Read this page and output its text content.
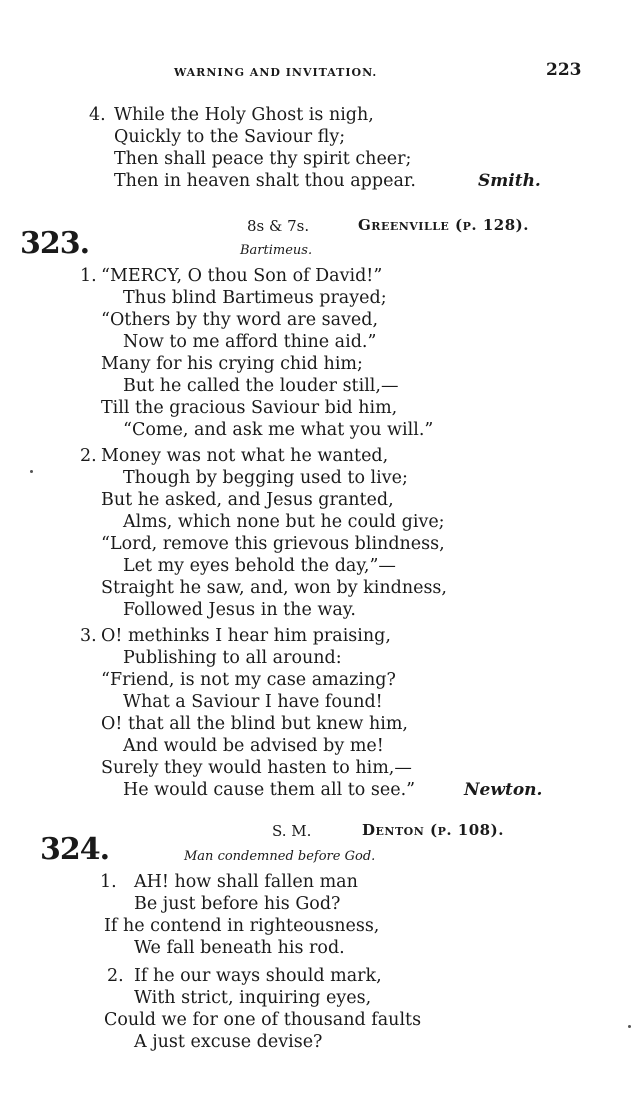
WARNING AND INVITATION.	223
4. While the Holy Ghost is nigh,
Quickly to the Saviour fly;
Then shall peace thy spirit cheer;
Then in heaven shalt thou appear.	Smith.
323.	8s & 7s.	Greenville (p. 128).
Bartimeus.
1. “MERCY, O thou Son of David!”
Thus blind Bartimeus prayed;
“Others by thy word are saved,
Now to me afford thine aid.”
Many for his crying chid him;
But he called the louder still,—
Till the gracious Saviour bid him,
“Come, and ask me what you will.”
2. Money was not what he wanted,
Though by begging used to live;
But he asked, and Jesus granted,
Alms, which none but he could give;
“Lord, remove this grievous blindness,
Let my eyes behold the day,”—
Straight he saw, and, won by kindness,
Followed Jesus in the way.
3. O! methinks I hear him praising,
Publishing to all around:
“Friend, is not my case amazing?
What a Saviour I have found!
O! that all the blind but knew him,
And would be advised by me!
Surely they would hasten to him,—
He would cause them all to see.”	Newton.
324.
S. M.	Denton (p. 108).
Man condemned before God.
1. AH! how shall fallen man
Be just before his God?
If he contend in righteousness,
We fall beneath his rod.
2. If he our ways should mark,
With strict, inquiring eyes,
Could we for one of thousand faults
A just excuse devise?
